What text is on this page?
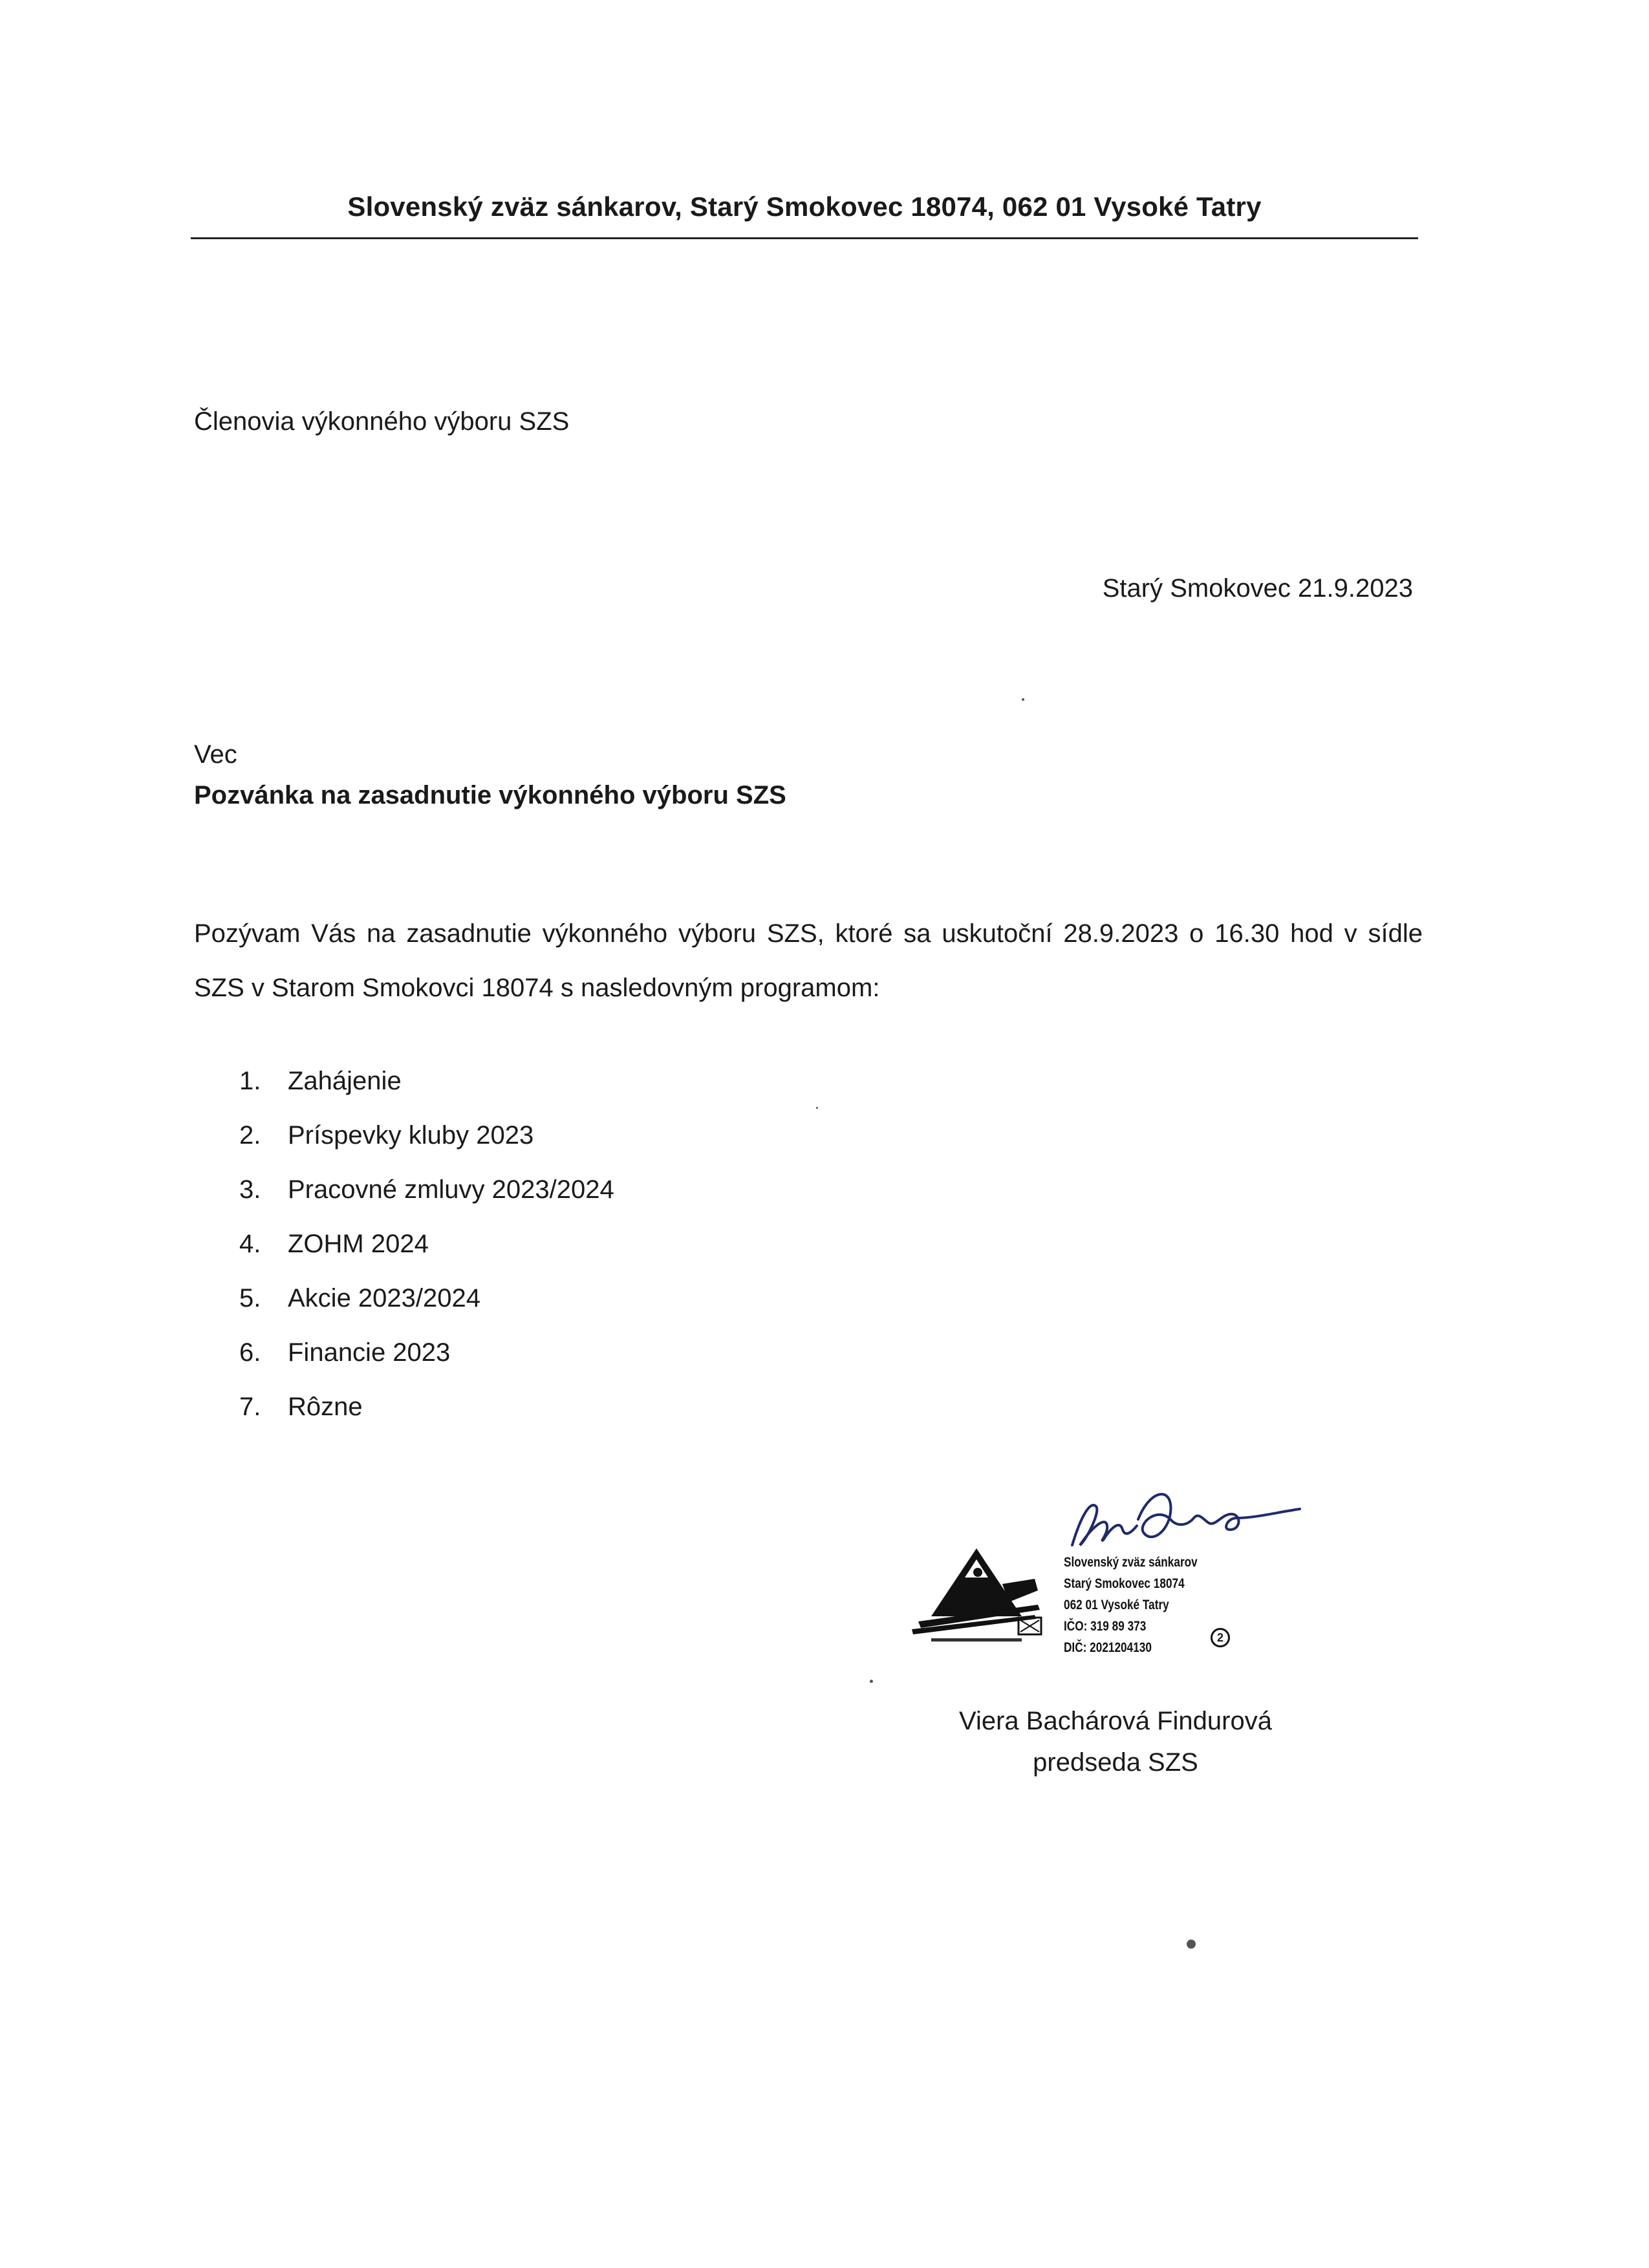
Slovenský zväz sánkarov, Starý Smokovec 18074, 062 01 Vysoké Tatry
Členovia výkonného výboru SZS
Starý Smokovec 21.9.2023
Vec
Pozvánka na zasadnutie výkonného výboru SZS
Pozývam Vás na zasadnutie výkonného výboru SZS, ktoré sa uskutoční 28.9.2023 o 16.30 hod v sídle SZS v Starom Smokovci 18074 s nasledovným programom:
1.	Zahájenie
2.	Príspevky kluby 2023
3.	Pracovné zmluvy 2023/2024
4.	ZOHM 2024
5.	Akcie 2023/2024
6.	Financie 2023
7.	Rôzne
Slovenský zväz sánkarov
Starý Smokovec 18074
062 01 Vysoké Tatry
IČO: 319 89 373
DIČ: 2021204130
2
Viera Bachárová Findurová
predseda SZS
